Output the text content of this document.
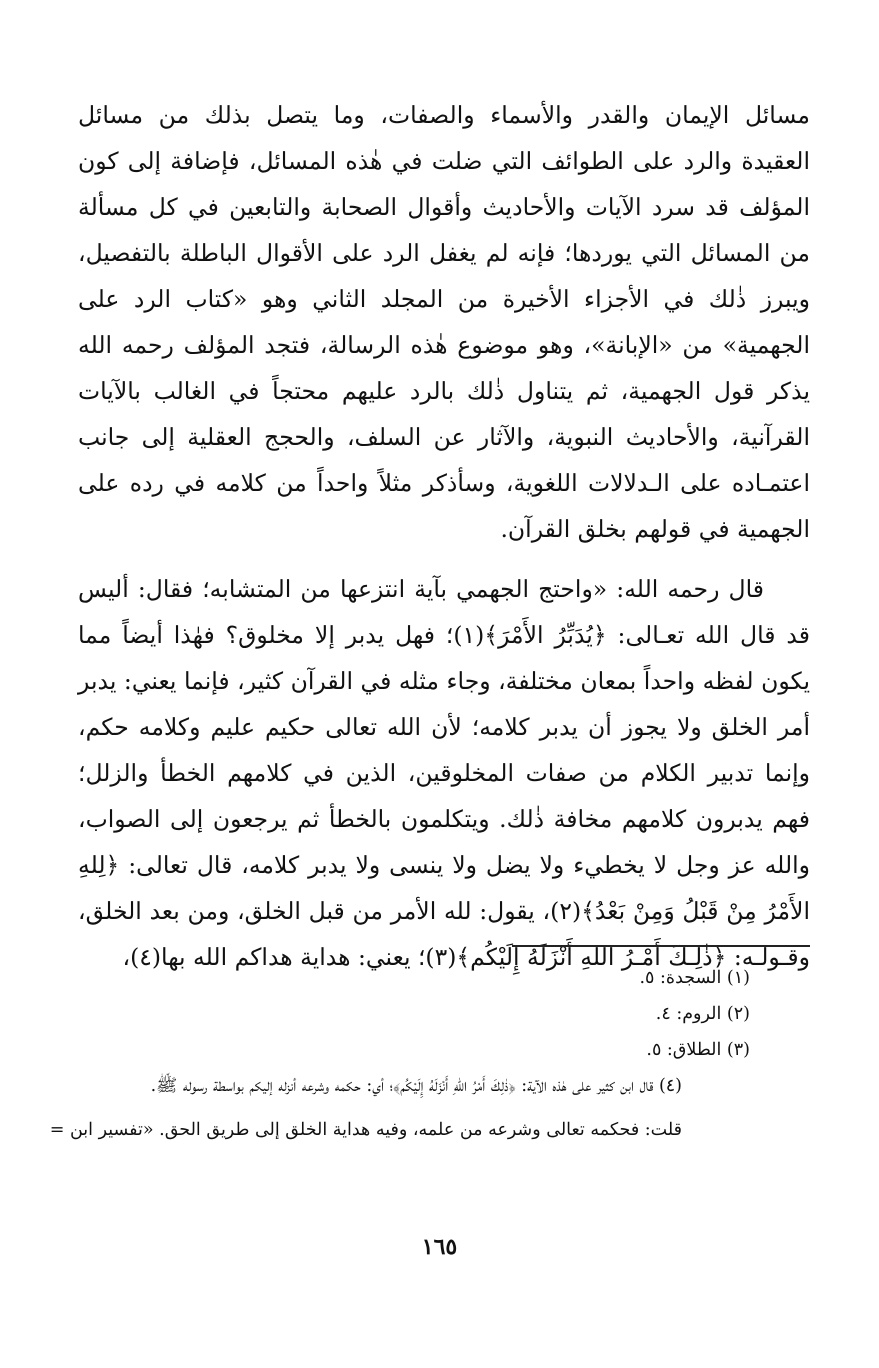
مسائل الإيمان والقدر والأسماء والصفات، وما يتصل بذلك من مسائل العقيدة والرد على الطوائف التي ضلت في هٰذه المسائل، فإضافة إلى كون المؤلف قد سرد الآيات والأحاديث وأقوال الصحابة والتابعين في كل مسألة من المسائل التي يوردها؛ فإنه لم يغفل الرد على الأقوال الباطلة بالتفصيل، ويبرز ذٰلك في الأجزاء الأخيرة من المجلد الثاني وهو «كتاب الرد على الجهمية» من «الإبانة»، وهو موضوع هٰذه الرسالة، فتجد المؤلف رحمه الله يذكر قول الجهمية، ثم يتناول ذٰلك بالرد عليهم محتجاً في الغالب بالآيات القرآنية، والأحاديث النبوية، والآثار عن السلف، والحجج العقلية إلى جانب اعتمـاده على الـدلالات اللغوية، وسأذكر مثلاً واحداً من كلامه في رده على الجهمية في قولهم بخلق القرآن.

قال رحمه الله: «واحتج الجهمي بآية انتزعها من المتشابه؛ فقال: أليس قد قال الله تعـالى: ﴿يُدَبِّرُ الأَمْرَ﴾(١)؛ فهل يدبر إلا مخلوق؟ فهٰذا أيضاً مما يكون لفظه واحداً بمعان مختلفة، وجاء مثله في القرآن كثير، فإنما يعني: يدبر أمر الخلق ولا يجوز أن يدبر كلامه؛ لأن الله تعالى حكيم عليم وكلامه حكم، وإنما تدبير الكلام من صفات المخلوقين، الذين في كلامهم الخطأ والزلل؛ فهم يدبرون كلامهم مخافة ذٰلك. ويتكلمون بالخطأ ثم يرجعون إلى الصواب، والله عز وجل لا يخطيء ولا يضل ولا ينسى ولا يدبر كلامه، قال تعالى: ﴿لِلهِ الأَمْرُ مِنْ قَبْلُ وَمِنْ بَعْدُ﴾(٢)، يقول: لله الأمر من قبل الخلق، ومن بعد الخلق، وقـولـه: ﴿ذٰلِـكَ أَمْـرُ اللهِ أَنْزَلَهُ إِلَيْكُم﴾(٣)؛ يعني: هداية هداكم الله بها(٤)،

(١) السجدة: ٥.

(٢) الروم: ٤.

(٣) الطلاق: ٥.

(٤) قال ابن كثير على هٰذه الآية: ﴿ذٰلِكَ أَمْرُ اللهِ أَنْزَلَهُ إِلَيْكُم﴾؛ أي: حكمه وشرعه أنزله إليكم بواسطة رسوله ﷺ.

قلت: فحكمه تعالى وشرعه من علمه، وفيه هداية الخلق إلى طريق الحق. «تفسير ابن =

١٦٥
